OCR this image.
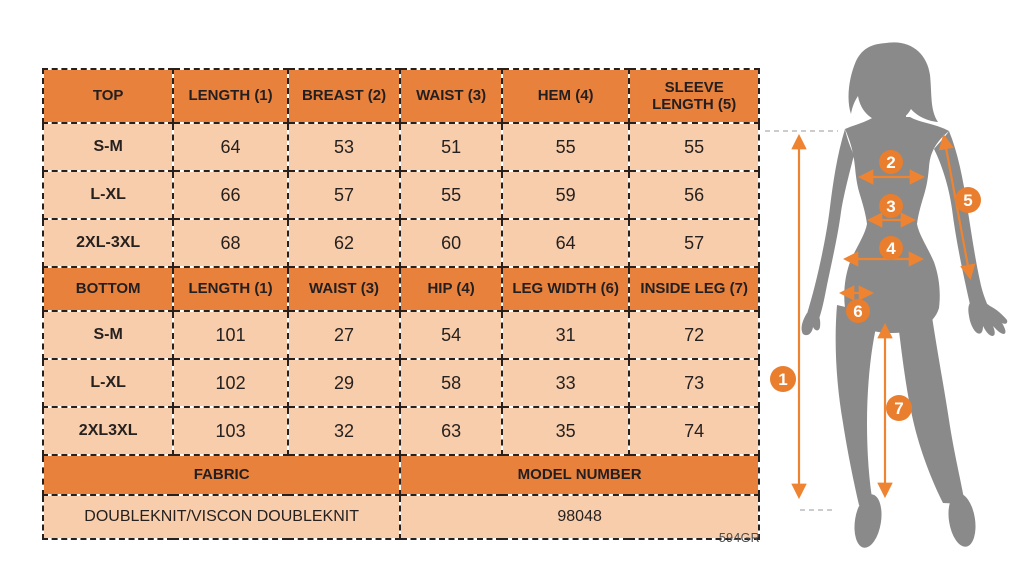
TOP	LENGTH (1)	BREAST (2)	WAIST (3)	HEM (4)	SLEEVE LENGTH (5)
S-M	64	53	51	55	55
L-XL	66	57	55	59	56
2XL-3XL	68	62	60	64	57
BOTTOM	LENGTH (1)	WAIST (3)	HIP (4)	LEG WIDTH (6)	INSIDE LEG (7)
S-M	101	27	54	31	72
L-XL	102	29	58	33	73
2XL3XL	103	32	63	35	74
FABRIC			MODEL NUMBER		
DOUBLEKNIT/VISCON DOUBLEKNIT			98048		
594GR
1
2
3
4
5
6
7
